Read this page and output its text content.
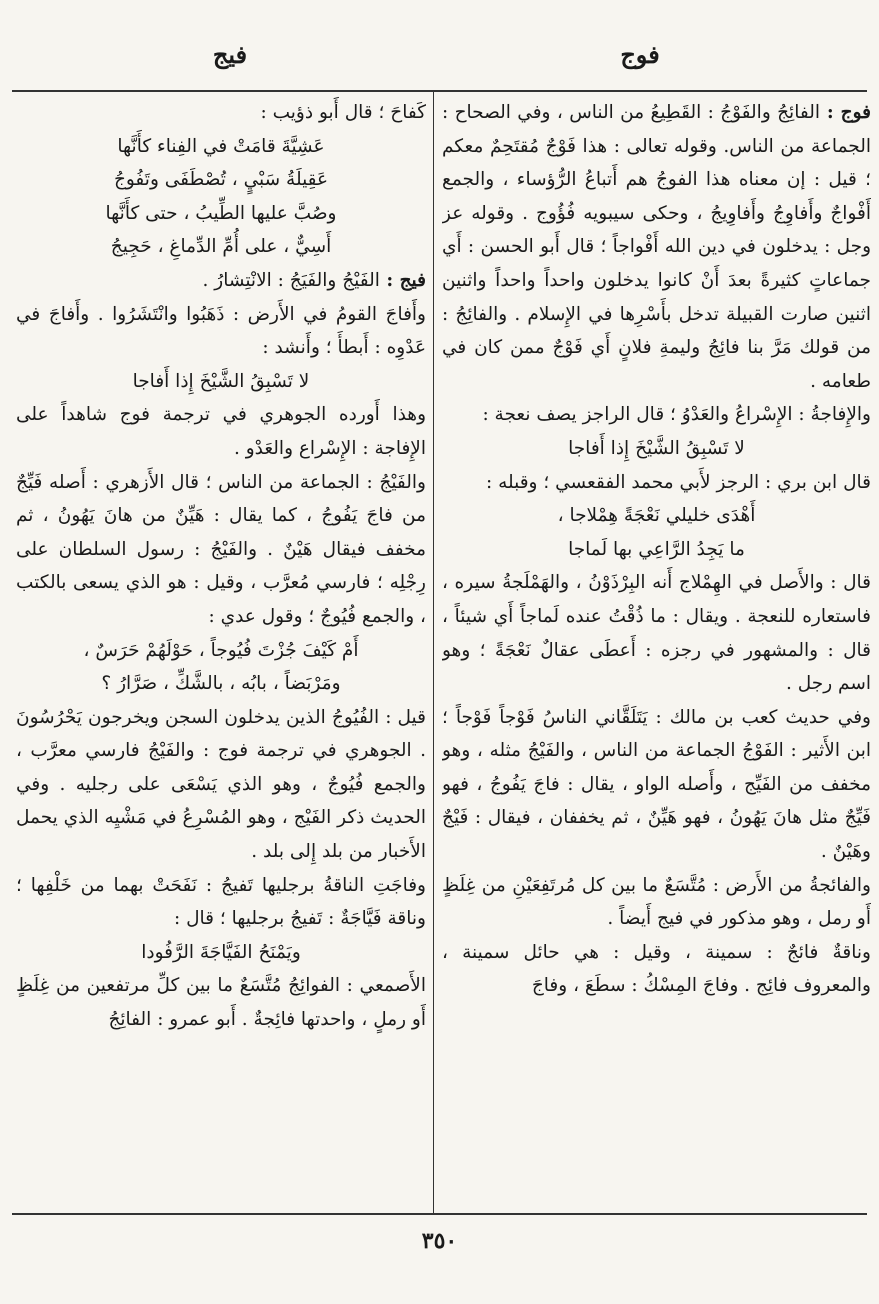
فوج
فيج

فوج : الفائِجُ والفَوْجُ : القَطِيعُ من الناس ، وفي الصحاح : الجماعة من الناس. وقوله تعالى : هذا فَوْجٌ مُقتَحِمٌ معكم ؛ قيل : إن معناه هذا الفوجُ هم أَتباعُ الرُّؤساء ، والجمع أَفْواجٌ وأَفاوِجُ وأَفاوِيجُ ، وحكى سيبويه فُؤُوج . وقوله عز وجل : يدخلون في دين الله أَفْواجاً ؛ قال أَبو الحسن : أَي جماعاتٍ كثيرةً بعدَ أَنْ كانوا يدخلون واحداً واحداً واثنين اثنين صارت القبيلة تدخل بأَسْرِها في الإِسلام . والفائِجُ : من قولك مَرَّ بنا فائِجُ وليمةِ فلانٍ أَي فَوْجٌ ممن كان في طعامه .

والإِفاجةُ : الإِسْراعُ والعَدْوُ ؛ قال الراجز يصف نعجة :

لا تَسْبِقُ الشَّيْخَ إِذا أَفاجا

قال ابن بري : الرجز لأَبي محمد الفقعسي ؛ وقبله :

أَهْدَى خليلي نَعْجَةً هِمْلاجا ،

ما يَجِدُ الرَّاعِي بها لَماجا

قال : والأَصل في الهِمْلاج أَنه البِرْذَوْنُ ، والهَمْلَجةُ سيره ، فاستعاره للنعجة . ويقال : ما ذُقْتُ عنده لَماجاً أَي شيئاً ، قال : والمشهور في رجزه : أَعطَى عقالٌ نَعْجَةً ؛ وهو اسم رجل .

وفي حديث كعب بن مالك : يَتَلَقَّاني الناسُ فَوْجاً فَوْجاً ؛ ابن الأَثير : الفَوْجُ الجماعة من الناس ، والفَيْجُ مثله ، وهو مخفف من الفَيِّج ، وأَصله الواو ، يقال : فاجَ يَفُوجُ ، فهو فَيِّجٌ مثل هانَ يَهُونُ ، فهو هَيِّنٌ ، ثم يخففان ، فيقال : فَيْجٌ وهَيْنٌ .

والفائجةُ من الأَرض : مُتَّسَعٌ ما بين كل مُرتَفِعَيْنِ من غِلَظٍ أَو رمل ، وهو مذكور في فيج أَيضاً .

وناقةٌ فائجٌ : سمينة ، وقيل : هي حائل سمينة ، والمعروف فائِج . وفاجَ المِسْكُ : سطَعَ ، وفاجَ

كَفاحَ ؛ قال أَبو ذؤيب :

عَشِيَّةَ قامَتْ في الفِناء كأَنَّها

عَقِيلَةُ سَبْيٍ ، تُصْطَفَى وتَفُوجُ

وصُبَّ عليها الطِّيبُ ، حتى كأَنَّها

أَسِيٌّ ، على أُمِّ الدِّماغِ ، حَجِيجُ

فيج : الفَيْجُ والفَيَجُ : الانْتِشارُ .

وأَفاجَ القومُ في الأَرض : ذَهَبُوا وانْتَشَرُوا . وأَفاجَ في عَدْوِه : أَبطأَ ؛ وأَنشد :

لا تَسْبِقُ الشَّيْخَ إِذا أَفاجا

وهذا أَورده الجوهري في ترجمة فوج شاهداً على الإِفاجة : الإِسْراع والعَدْو .

والفَيْجُ : الجماعة من الناس ؛ قال الأَزهري : أَصله فَيِّجٌ من فاجَ يَفُوجُ ، كما يقال : هَيِّنٌ من هانَ يَهُونُ ، ثم مخفف فيقال هَيْنٌ . والفَيْجُ : رسول السلطان على رِجْلِه ؛ فارسي مُعرَّب ، وقيل : هو الذي يسعى بالكتب ، والجمع فُيُوجٌ ؛ وقول عدي :

أَمْ كَيْفَ جُزْتَ فُيُوجاً ، حَوْلَهُمْ حَرَسٌ ،

ومَرْبَضاً ، بابُه ، بالشَّكِّ ، صَرَّارُ ؟

قيل : الفُيُوجُ الذين يدخلون السجن ويخرجون يَحْرُسُونَ . الجوهري في ترجمة فوج : والفَيْجُ فارسي معرَّب ، والجمع فُيُوجٌ ، وهو الذي يَسْعَى على رجليه . وفي الحديث ذكر الفَيْج ، وهو المُسْرِعُ في مَشْيِه الذي يحمل الأَخبار من بلد إِلى بلد .

وفاجَتِ الناقةُ برجليها تَفيجُ : نَفَحَتْ بهما من خَلْفِها ؛ وناقة فَيَّاجَةٌ : تَفيجُ برجليها ؛ قال :

ويَمْنَحُ الفَيَّاجَةَ الرَّفُودا

الأَصمعي : الفوائِجُ مُتَّسَعٌ ما بين كلِّ مرتفعين من غِلَظٍ أَو رملٍ ، واحدتها فائِجةٌ . أَبو عمرو : الفائِجُ

٣٥٠
